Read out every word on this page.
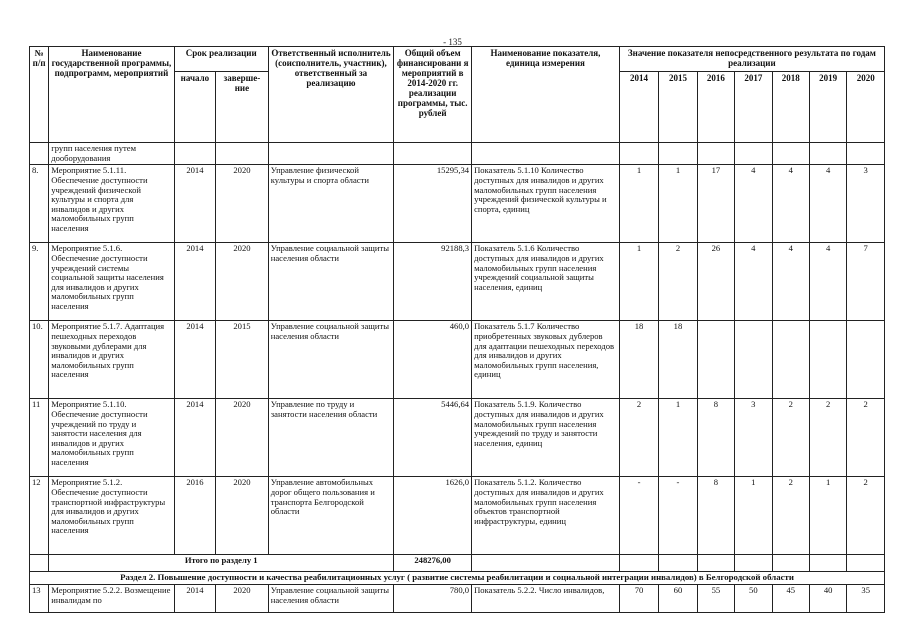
- 135
№ п/п	Наименование государственной программы, подпрограмм, мероприятий	Срок реализации		Ответственный исполнитель (соисполнитель, участник), ответственный за реализацию	Общий объем финансировани я мероприятий в 2014-2020 гг. реализации программы, тыс. рублей	Наименование показателя, единица измерения	Значение показателя непосредственного результата по годам реализации						
		начало	заверше- ние				2014	2015	2016	2017	2018	2019	2020
	групп населения путем дооборудования												
8.	Мероприятие 5.1.11. Обеспечение доступности учреждений физической культуры и спорта для инвалидов и других маломобильных групп населения	2014	2020	Управление физической культуры и спорта области	15295,34	Показатель 5.1.10 Количество доступных для инвалидов и других маломобильных групп населения учреждений физической культуры и спорта, единиц	1	1	17	4	4	4	3
9.	Мероприятие 5.1.6. Обеспечение доступности учреждений системы социальной защиты населения для инвалидов и других маломобильных групп населения	2014	2020	Управление социальной защиты населения области	92188,3	Показатель 5.1.6 Количество доступных для инвалидов и других маломобильных групп населения учреждений социальной защиты населения, единиц	1	2	26	4	4	4	7
10.	Мероприятие 5.1.7. Адаптация пешеходных переходов звуковыми дублерами для инвалидов и других маломобильных групп населения	2014	2015	Управление социальной защиты населения области	460,0	Показатель 5.1.7 Количество приобретенных звуковых дублеров для адаптации пешеходных переходов для инвалидов и других маломобильных групп населения, единиц	18	18					
11	Мероприятие 5.1.10. Обеспечение доступности учреждений по труду и занятости населения для инвалидов и других маломобильных групп населения	2014	2020	Управление по труду и занятости населения области	5446,64	Показатель 5.1.9. Количество доступных для инвалидов и других маломобильных групп населения учреждений по труду и занятости населения, единиц	2	1	8	3	2	2	2
12	Мероприятие 5.1.2. Обеспечение доступности транспортной инфраструктуры для инвалидов и других маломобильных групп населения	2016	2020	Управление автомобильных дорог общего пользования и транспорта Белгородской области	1626,0	Показатель 5.1.2. Количество доступных для инвалидов и других маломобильных групп населения объектов транспортной инфраструктуры, единиц	-	-	8	1	2	1	2
	Итого по разделу 1				248276,00								
Раздел 2. Повышение доступности и качества реабилитационных услуг ( развитие системы реабилитации и социальной интеграции инвалидов) в Белгородской области													
13	Мероприятие 5.2.2. Возмещение инвалидам по	2014	2020	Управление социальной защиты населения области	780,0	Показатель 5.2.2. Число инвалидов,	70	60	55	50	45	40	35
